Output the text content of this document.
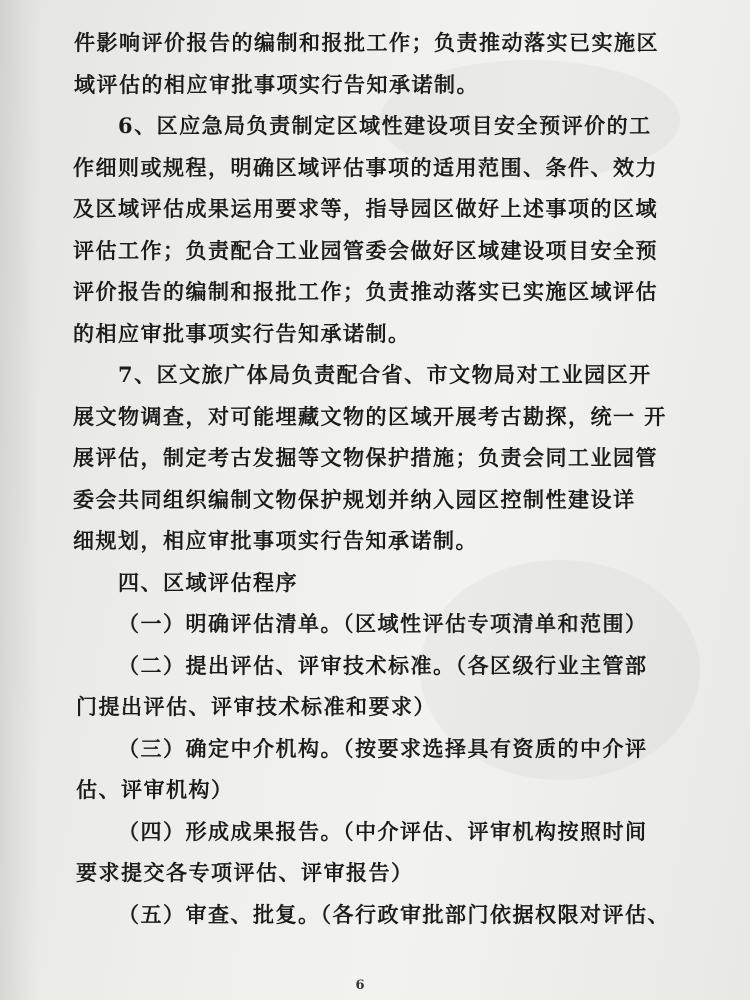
件影响评价报告的编制和报批工作；负责推动落实已实施区
域评估的相应审批事项实行告知承诺制。
6、区应急局负责制定区域性建设项目安全预评价的工
作细则或规程，明确区域评估事项的适用范围、条件、效力
及区域评估成果运用要求等，指导园区做好上述事项的区域
评估工作；负责配合工业园管委会做好区域建设项目安全预
评价报告的编制和报批工作；负责推动落实已实施区域评估
的相应审批事项实行告知承诺制。
7、区文旅广体局负责配合省、市文物局对工业园区开
展文物调查，对可能埋藏文物的区域开展考古勘探，统一 开
展评估，制定考古发掘等文物保护措施；负责会同工业园管
委会共同组织编制文物保护规划并纳入园区控制性建设详
细规划，相应审批事项实行告知承诺制。
四、区域评估程序
（一）明确评估清单。（区域性评估专项清单和范围）
（二）提出评估、评审技术标准。（各区级行业主管部
门提出评估、评审技术标准和要求）
（三）确定中介机构。（按要求选择具有资质的中介评
估、评审机构）
（四）形成成果报告。（中介评估、评审机构按照时间
要求提交各专项评估、评审报告）
（五）审查、批复。（各行政审批部门依据权限对评估、
6
